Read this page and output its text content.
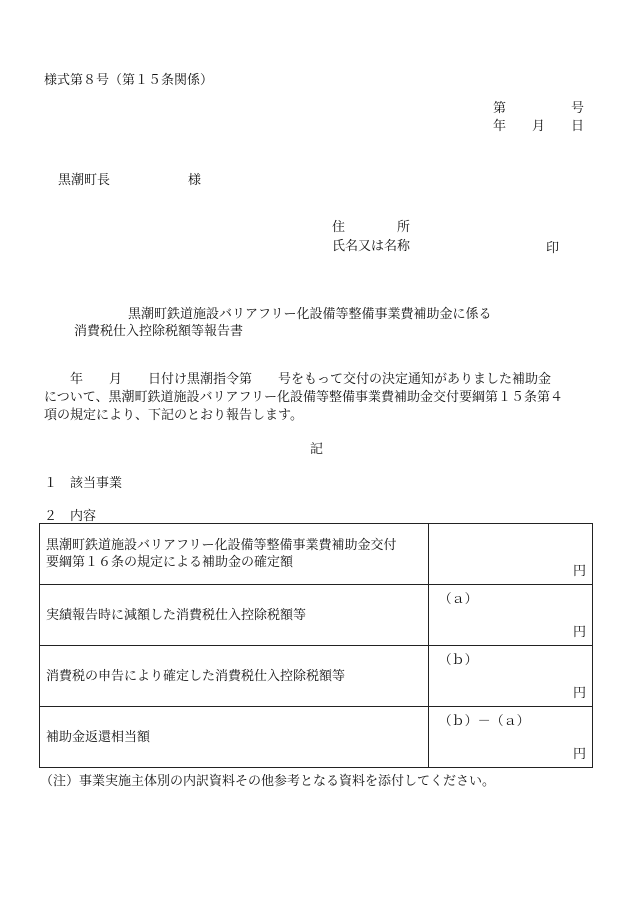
様式第８号（第１５条関係）
第　　　　　号
年　　月　　日
黒潮町長	様
住　　　　所
氏名又は名称	印
黒潮町鉄道施設バリアフリー化設備等整備事業費補助金に係る
消費税仕入控除税額等報告書
　　年　　月　　日付け黒潮指令第　　号をもって交付の決定通知がありました補助金
について、黒潮町鉄道施設バリアフリー化設備等整備事業費補助金交付要綱第１５条第４
項の規定により、下記のとおり報告します。
記
１　該当事業
２　内容
黒潮町鉄道施設バリアフリー化設備等整備事業費補助金交付
要綱第１６条の規定による補助金の確定額	円

実績報告時に減額した消費税仕入控除税額等	（ａ）
円

消費税の申告により確定した消費税仕入控除税額等	（ｂ）
円

補助金返還相当額	（ｂ）－（ａ）
円
（注）事業実施主体別の内訳資料その他参考となる資料を添付してください。
